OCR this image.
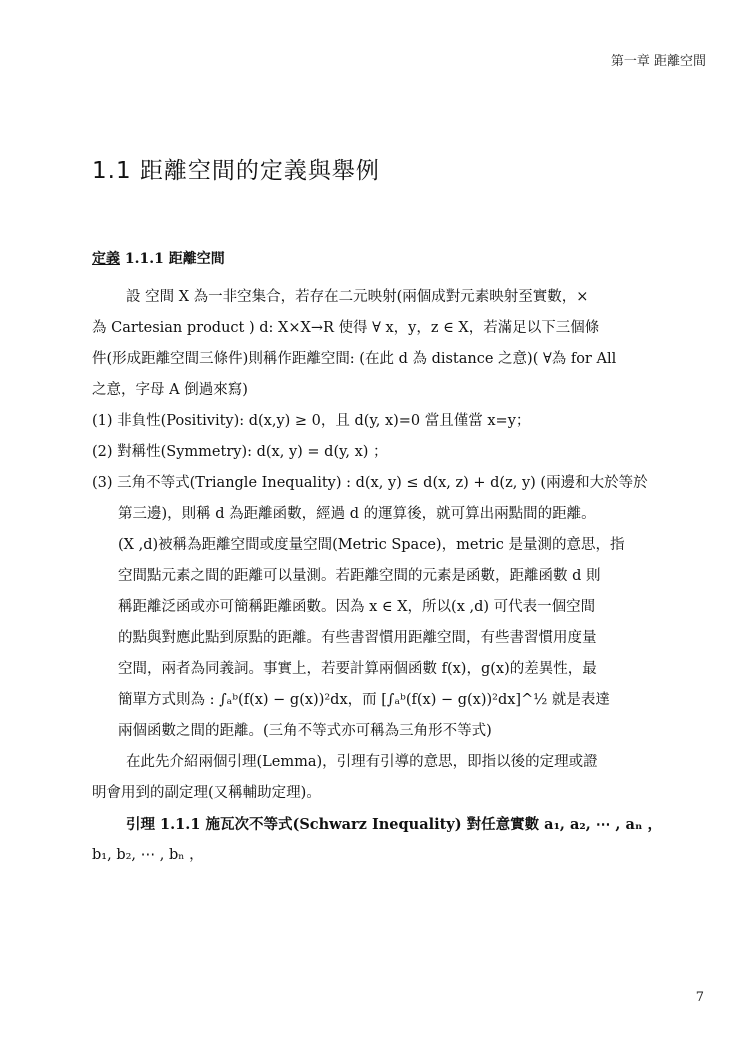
第一章 距離空間
1.1 距離空間的定義與舉例
定義 1.1.1 距離空間
設 空間 X 為一非空集合，若存在二元映射(兩個成對元素映射至實數，×
為 Cartesian product ) d: X×X→R 使得 ∀ x，y，z ∈ X，若滿足以下三個條
件(形成距離空間三條件)則稱作距離空間: (在此 d 為 distance 之意)( ∀為 for All
之意，字母 A 倒過來寫)
(1) 非負性(Positivity): d(x,y) ≥ 0，且 d(y, x)=0 當且僅當 x=y；
(2) 對稱性(Symmetry): d(x, y) = d(y, x) ；
(3) 三角不等式(Triangle Inequality) : d(x, y) ≤ d(x, z) + d(z, y) (兩邊和大於等於
第三邊)，則稱 d 為距離函數，經過 d 的運算後，就可算出兩點間的距離。
(X ,d)被稱為距離空間或度量空間(Metric Space)，metric 是量測的意思，指
空間點元素之間的距離可以量測。若距離空間的元素是函數，距離函數 d 則
稱距離泛函或亦可簡稱距離函數。因為 x ∈ X，所以(x ,d) 可代表一個空間
的點與對應此點到原點的距離。有些書習慣用距離空間，有些書習慣用度量
空間，兩者為同義詞。事實上，若要計算兩個函數 f(x)，g(x)的差異性，最
簡單方式則為 : ∫ₐᵇ(f(x) − g(x))²dx，而 [∫ₐᵇ(f(x) − g(x))²dx]^½ 就是表達
兩個函數之間的距離。(三角不等式亦可稱為三角形不等式)
在此先介紹兩個引理(Lemma)，引理有引導的意思，即指以後的定理或證
明會用到的副定理(又稱輔助定理)。
引理 1.1.1 施瓦次不等式(Schwarz Inequality) 對任意實數 a₁, a₂, ⋯ , aₙ ，
b₁, b₂, ⋯ , bₙ ，
7
